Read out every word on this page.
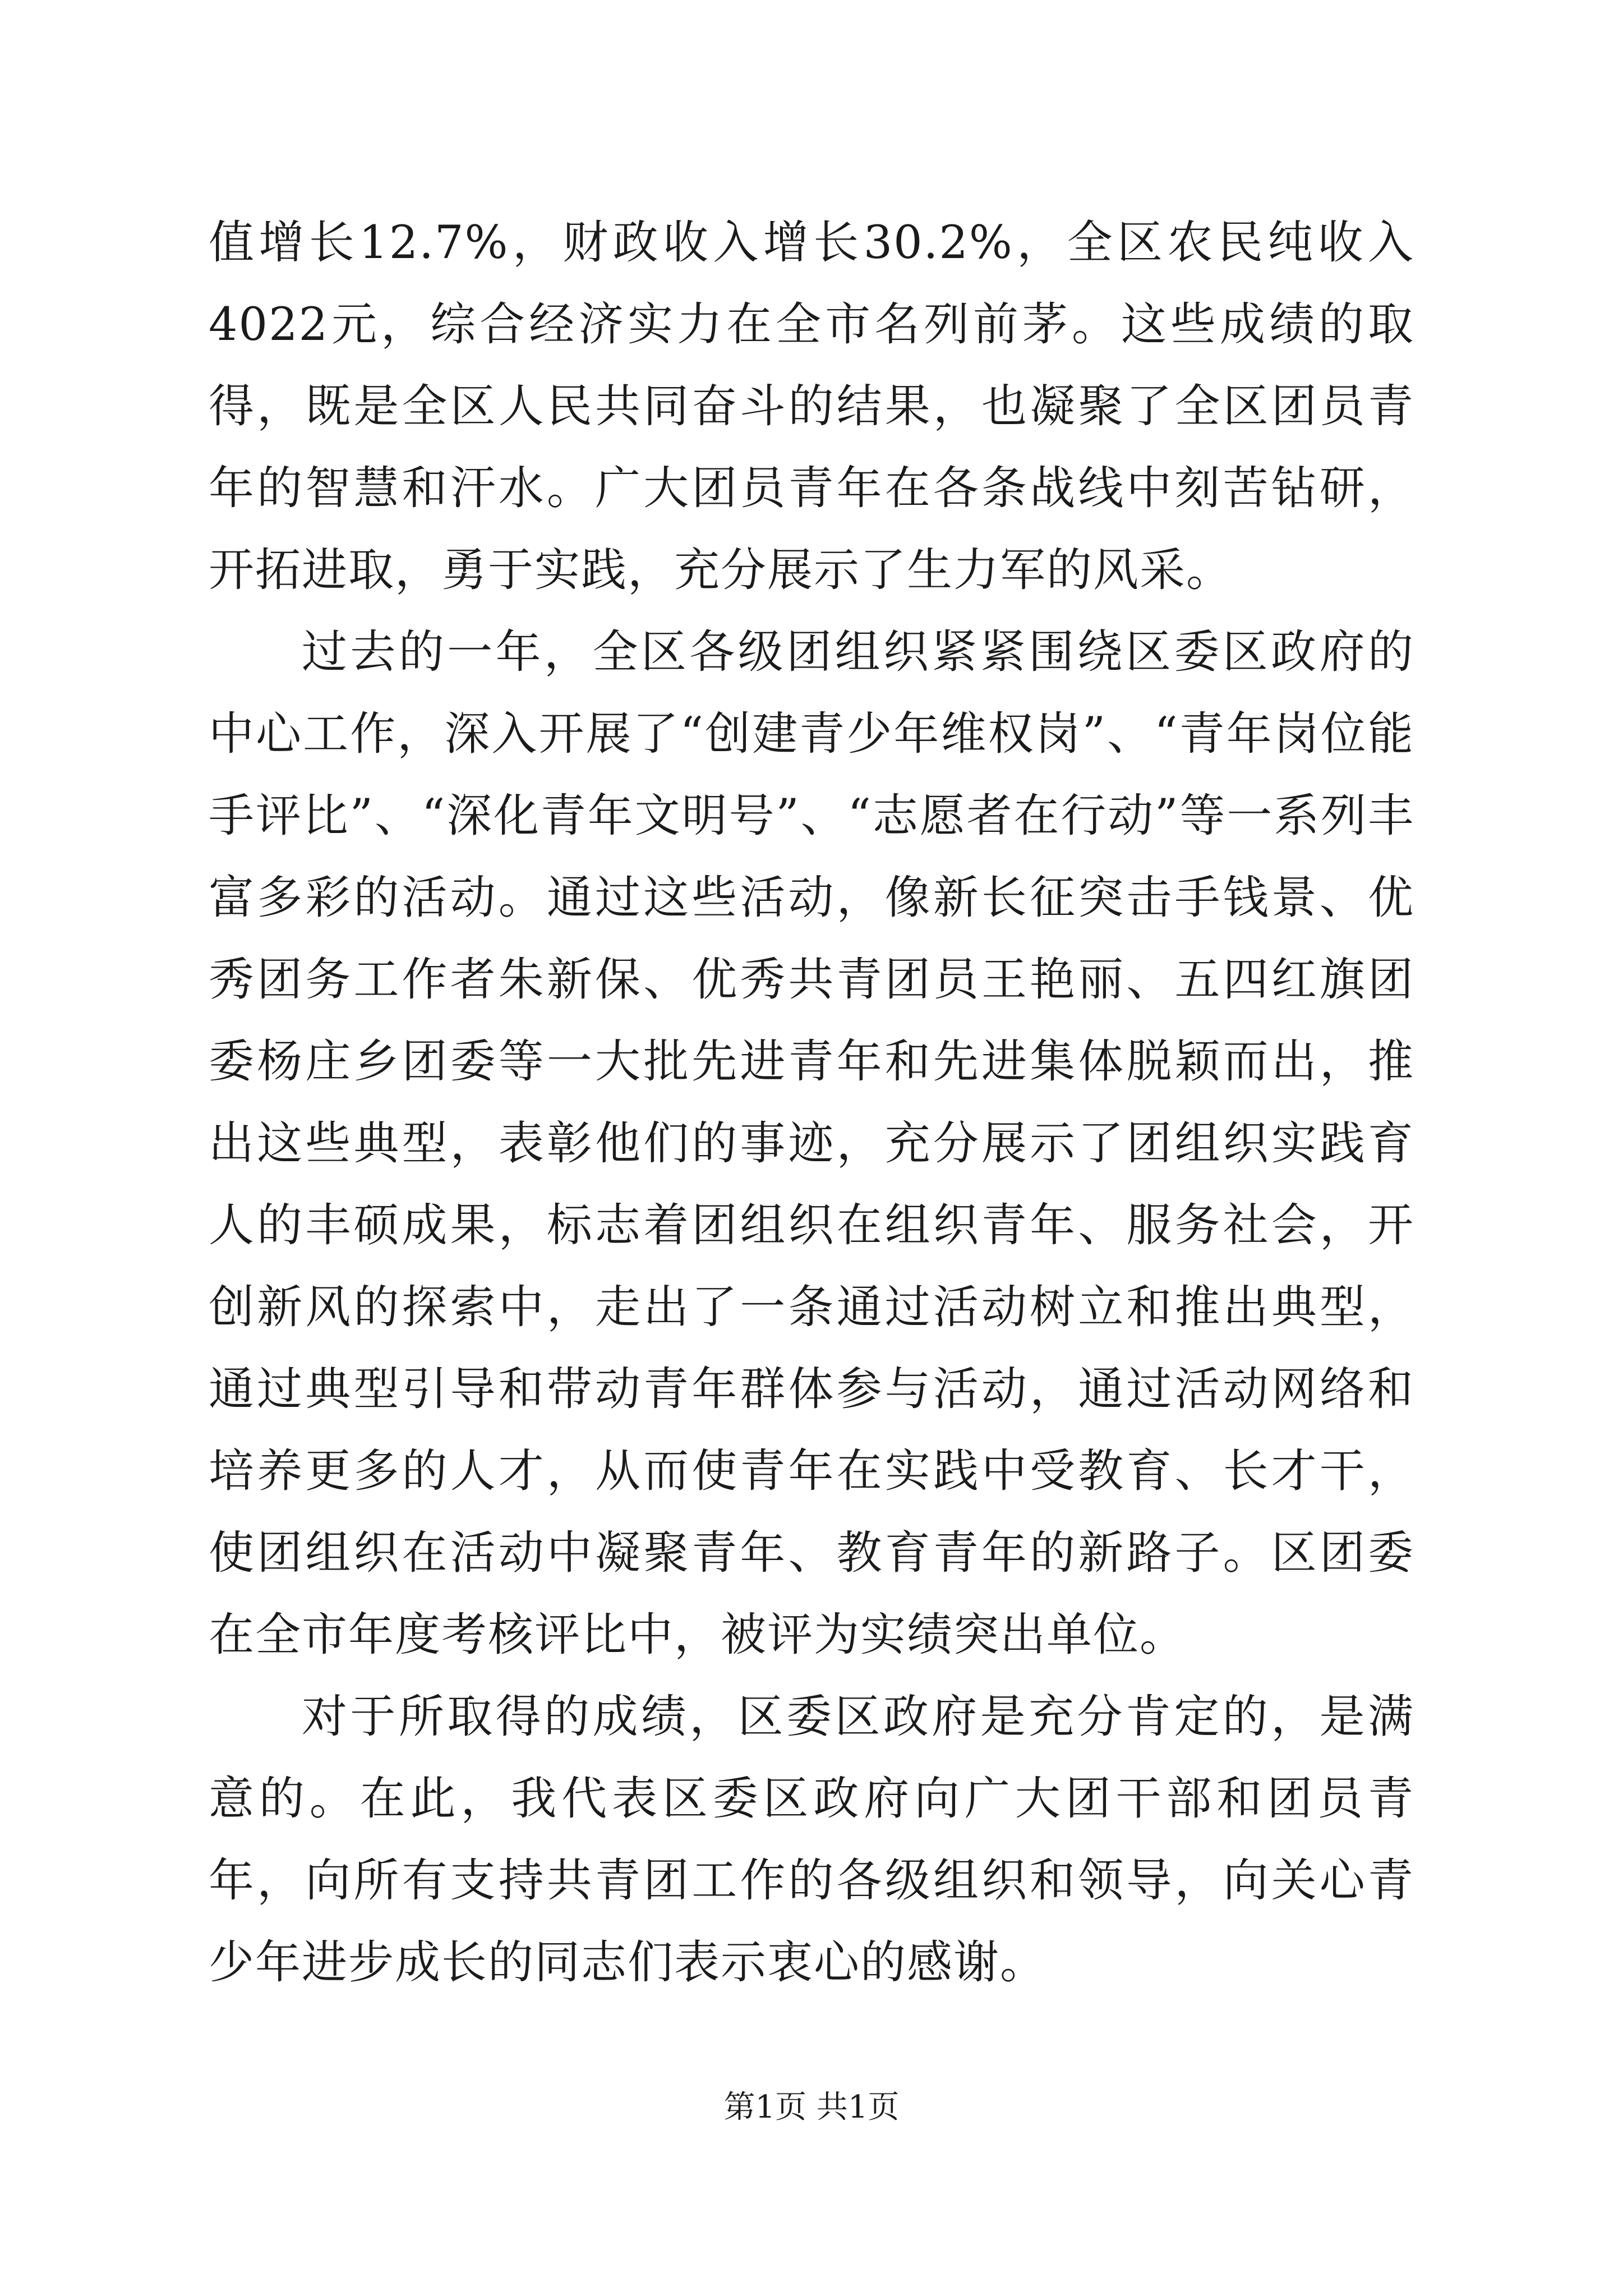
值增长12.7%，财政收入增长30.2%，全区农民纯收入4022元，综合经济实力在全市名列前茅。这些成绩的取得，既是全区人民共同奋斗的结果，也凝聚了全区团员青年的智慧和汗水。广大团员青年在各条战线中刻苦钻研，开拓进取，勇于实践，充分展示了生力军的风采。

过去的一年，全区各级团组织紧紧围绕区委区政府的中心工作，深入开展了“创建青少年维权岗”、“青年岗位能手评比”、“深化青年文明号”、“志愿者在行动”等一系列丰富多彩的活动。通过这些活动，像新长征突击手钱景、优秀团务工作者朱新保、优秀共青团员王艳丽、五四红旗团委杨庄乡团委等一大批先进青年和先进集体脱颖而出，推出这些典型，表彰他们的事迹，充分展示了团组织实践育人的丰硕成果，标志着团组织在组织青年、服务社会，开创新风的探索中，走出了一条通过活动树立和推出典型，通过典型引导和带动青年群体参与活动，通过活动网络和培养更多的人才，从而使青年在实践中受教育、长才干，使团组织在活动中凝聚青年、教育青年的新路子。区团委在全市年度考核评比中，被评为实绩突出单位。

对于所取得的成绩，区委区政府是充分肯定的，是满意的。在此，我代表区委区政府向广大团干部和团员青年，向所有支持共青团工作的各级组织和领导，向关心青少年进步成长的同志们表示衷心的感谢。

第1页 共1页
